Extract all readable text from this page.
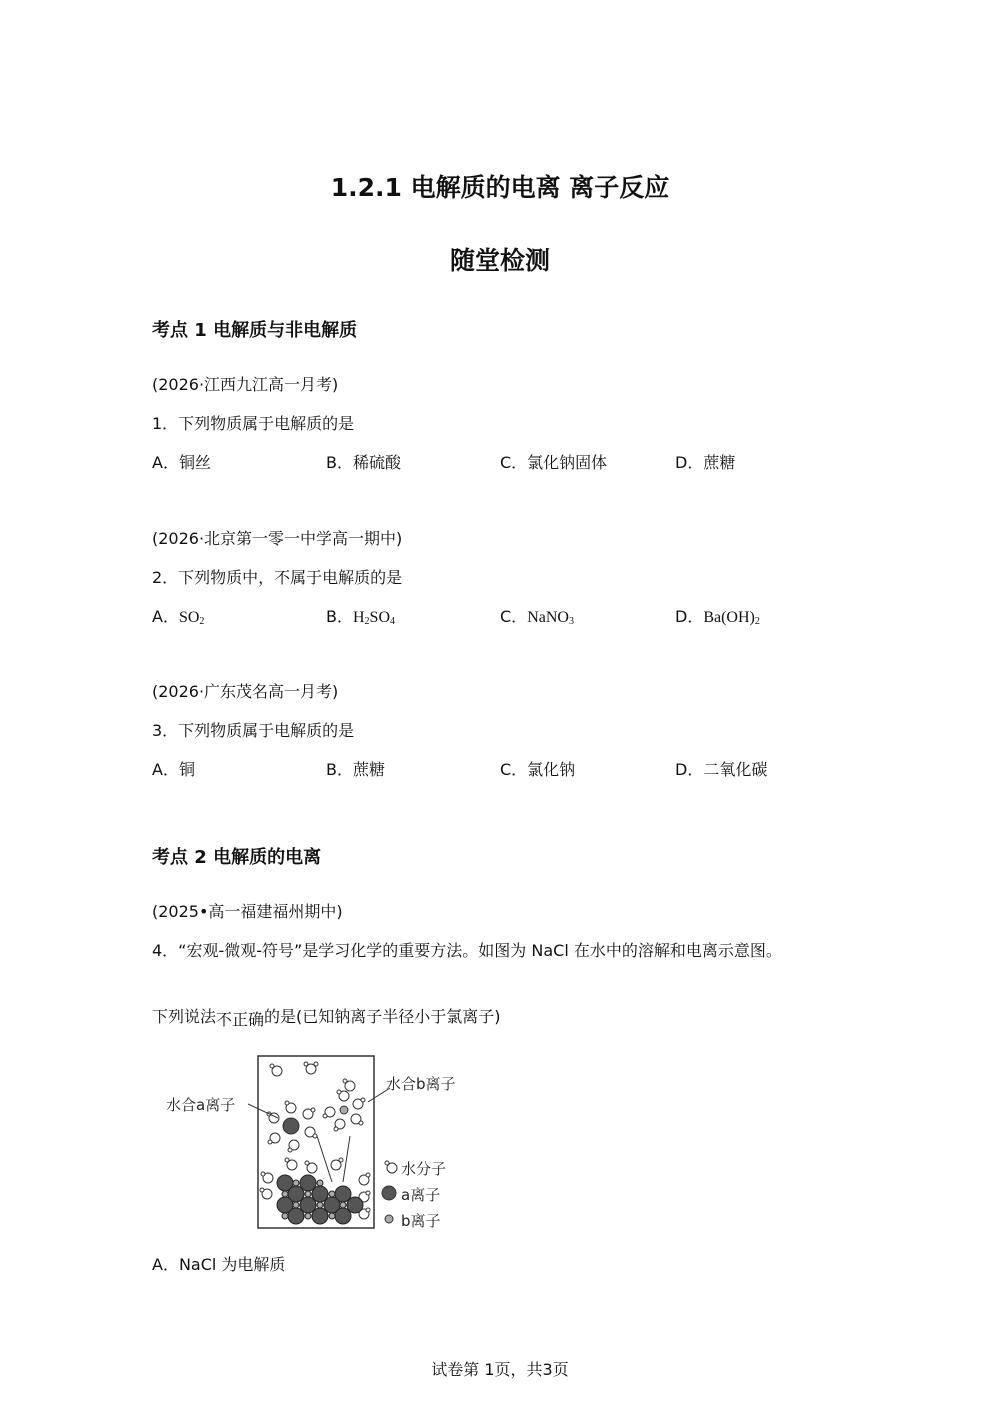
1.2.1 电解质的电离 离子反应
随堂检测
考点 1 电解质与非电解质
(2026·江西九江高一月考)
1．下列物质属于电解质的是
A．铜丝	B．稀硫酸	C．氯化钠固体	D．蔗糖
(2026·北京第一零一中学高一期中)
2．下列物质中，不属于电解质的是
A．$SO_2$	B．$H_2SO_4$	C．NaNO$_3$	D．$Ba(OH)_2$
(2026·广东茂名高一月考)
3．下列物质属于电解质的是
A．铜	B．蔗糖	C．氯化钠	D．二氧化碳
考点 2 电解质的电离
(2025•高一福建福州期中)
4．“宏观-微观-符号”是学习化学的重要方法。如图为 NaCl 在水中的溶解和电离示意图。
下列说法不正确的是(已知钠离子半径小于氯离子)
水合a离子
水合b离子
水分子
a离子
b离子
A．NaCl 为电解质
试卷第 1页，共3页
